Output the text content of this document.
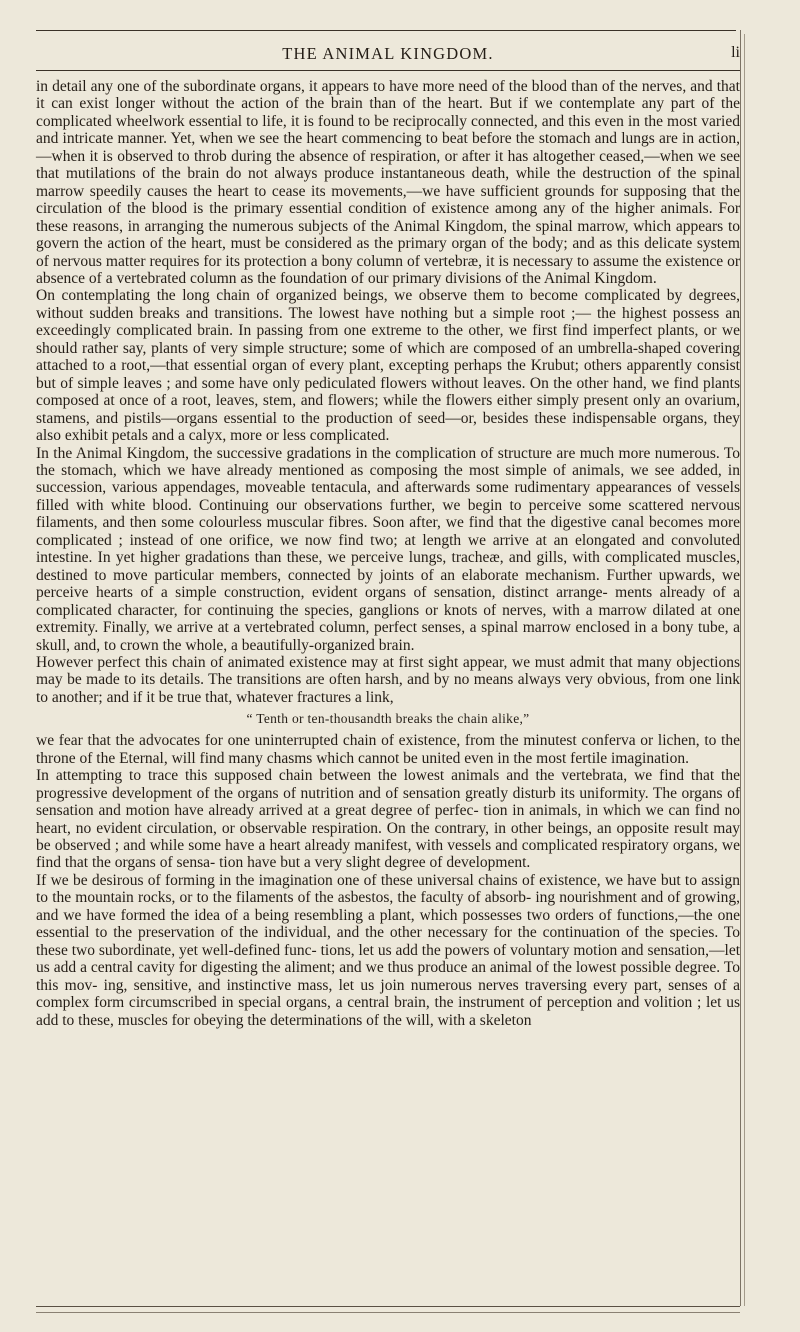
THE ANIMAL KINGDOM.	li

in detail any one of the subordinate organs, it appears to have more need of the blood than of the nerves, and that it can exist longer without the action of the brain than of the heart. But if we contemplate any part of the complicated wheelwork essential to life, it is found to be reciprocally connected, and this even in the most varied and intricate manner. Yet, when we see the heart commencing to beat before the stomach and lungs are in action,—when it is observed to throb during the absence of respiration, or after it has altogether ceased,—when we see that mutilations of the brain do not always produce instantaneous death, while the destruction of the spinal marrow speedily causes the heart to cease its movements,—we have sufficient grounds for supposing that the circulation of the blood is the primary essential condition of existence among any of the higher animals. For these reasons, in arranging the numerous subjects of the Animal Kingdom, the spinal marrow, which appears to govern the action of the heart, must be considered as the primary organ of the body; and as this delicate system of nervous matter requires for its protection a bony column of vertebræ, it is necessary to assume the existence or absence of a vertebrated column as the foundation of our primary divisions of the Animal Kingdom.

On contemplating the long chain of organized beings, we observe them to become complicated by degrees, without sudden breaks and transitions. The lowest have nothing but a simple root ;— the highest possess an exceedingly complicated brain. In passing from one extreme to the other, we first find imperfect plants, or we should rather say, plants of very simple structure; some of which are composed of an umbrella-shaped covering attached to a root,—that essential organ of every plant, excepting perhaps the Krubut; others apparently consist but of simple leaves ; and some have only pediculated flowers without leaves. On the other hand, we find plants composed at once of a root, leaves, stem, and flowers; while the flowers either simply present only an ovarium, stamens, and pistils—organs essential to the production of seed—or, besides these indispensable organs, they also exhibit petals and a calyx, more or less complicated.

In the Animal Kingdom, the successive gradations in the complication of structure are much more numerous. To the stomach, which we have already mentioned as composing the most simple of animals, we see added, in succession, various appendages, moveable tentacula, and afterwards some rudimentary appearances of vessels filled with white blood. Continuing our observations further, we begin to perceive some scattered nervous filaments, and then some colourless muscular fibres. Soon after, we find that the digestive canal becomes more complicated ; instead of one orifice, we now find two; at length we arrive at an elongated and convoluted intestine. In yet higher gradations than these, we perceive lungs, tracheæ, and gills, with complicated muscles, destined to move particular members, connected by joints of an elaborate mechanism. Further upwards, we perceive hearts of a simple construction, evident organs of sensation, distinct arrange- ments already of a complicated character, for continuing the species, ganglions or knots of nerves, with a marrow dilated at one extremity. Finally, we arrive at a vertebrated column, perfect senses, a spinal marrow enclosed in a bony tube, a skull, and, to crown the whole, a beautifully-organized brain.

However perfect this chain of animated existence may at first sight appear, we must admit that many objections may be made to its details. The transitions are often harsh, and by no means always very obvious, from one link to another; and if it be true that, whatever fractures a link,

“ Tenth or ten-thousandth breaks the chain alike,”

we fear that the advocates for one uninterrupted chain of existence, from the minutest conferva or lichen, to the throne of the Eternal, will find many chasms which cannot be united even in the most fertile imagination.

In attempting to trace this supposed chain between the lowest animals and the vertebrata, we find that the progressive development of the organs of nutrition and of sensation greatly disturb its uniformity. The organs of sensation and motion have already arrived at a great degree of perfec- tion in animals, in which we can find no heart, no evident circulation, or observable respiration. On the contrary, in other beings, an opposite result may be observed ; and while some have a heart already manifest, with vessels and complicated respiratory organs, we find that the organs of sensa- tion have but a very slight degree of development.

If we be desirous of forming in the imagination one of these universal chains of existence, we have but to assign to the mountain rocks, or to the filaments of the asbestos, the faculty of absorb- ing nourishment and of growing, and we have formed the idea of a being resembling a plant, which possesses two orders of functions,—the one essential to the preservation of the individual, and the other necessary for the continuation of the species. To these two subordinate, yet well-defined func- tions, let us add the powers of voluntary motion and sensation,—let us add a central cavity for digesting the aliment; and we thus produce an animal of the lowest possible degree. To this mov- ing, sensitive, and instinctive mass, let us join numerous nerves traversing every part, senses of a complex form circumscribed in special organs, a central brain, the instrument of perception and volition ; let us add to these, muscles for obeying the determinations of the will, with a skeleton
